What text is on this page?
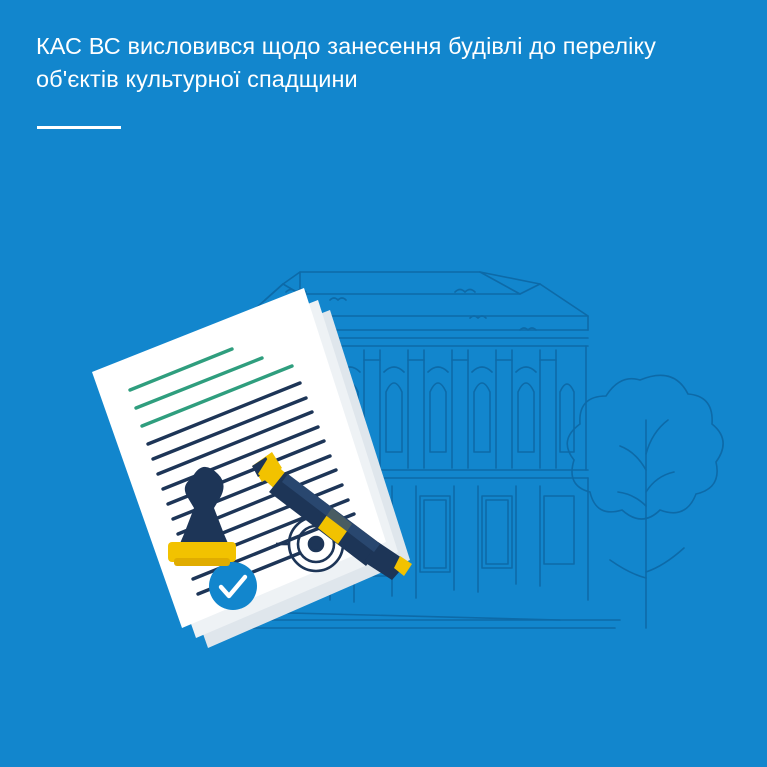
КАС ВС висловився щодо занесення будівлі до переліку об'єктів культурної спадщини
